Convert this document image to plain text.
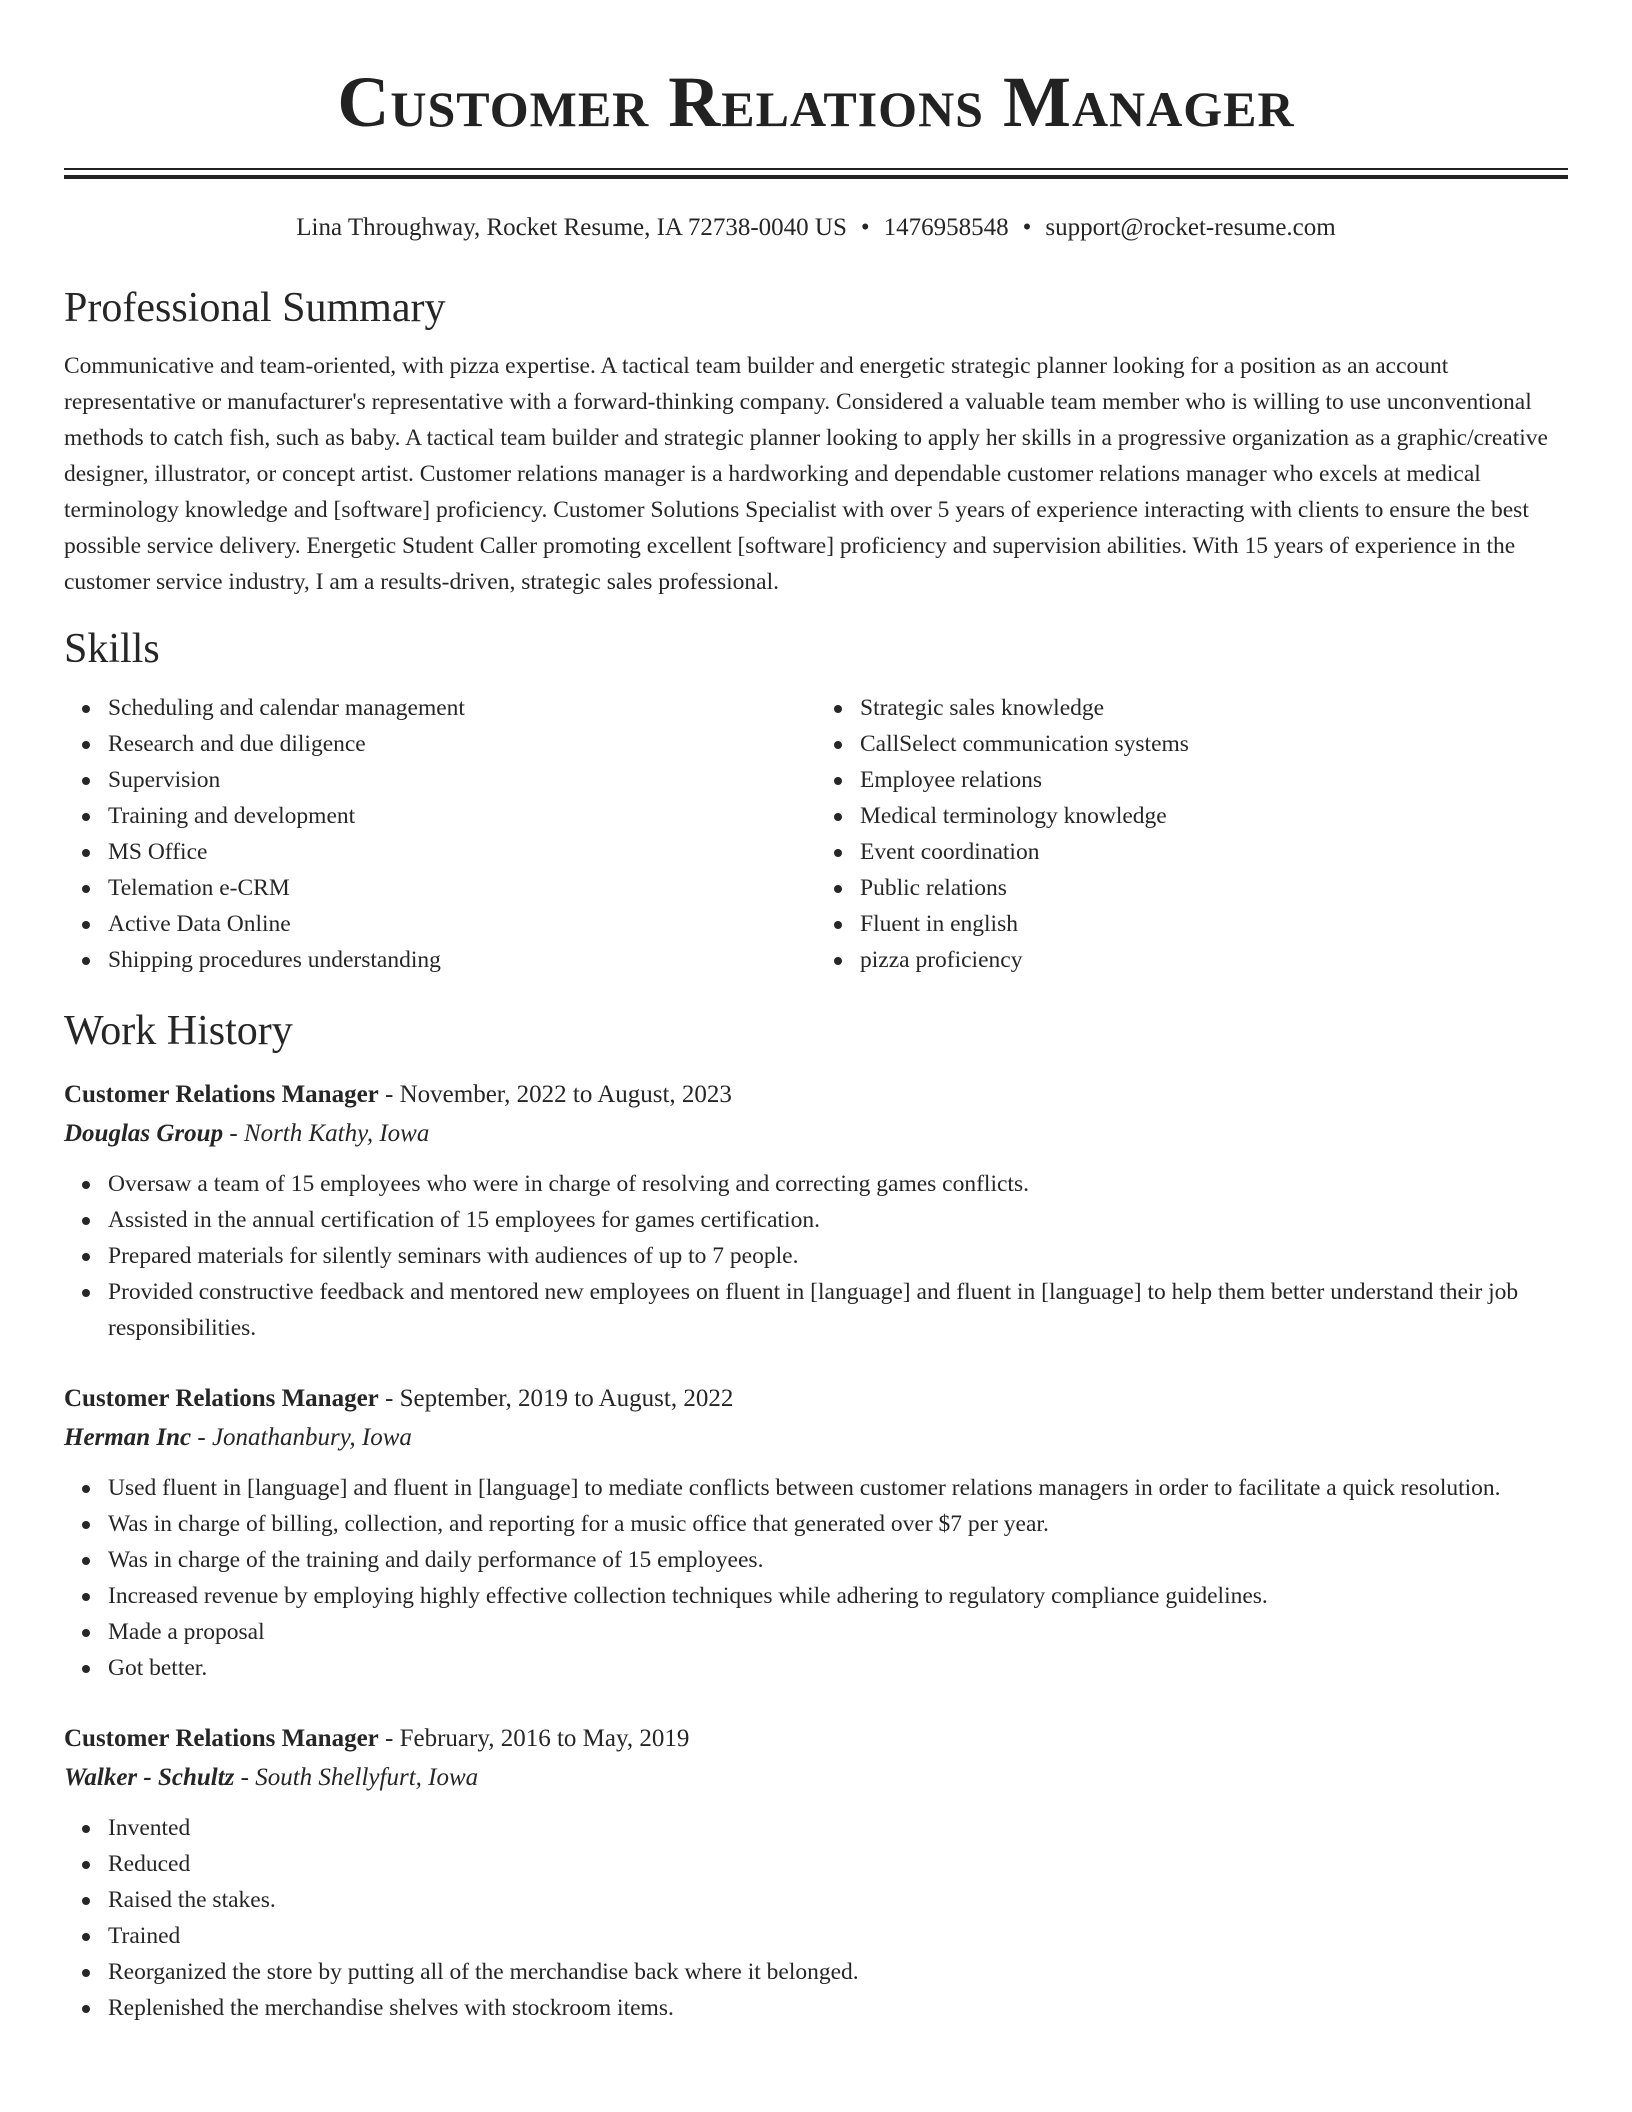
Customer Relations Manager
Lina Throughway, Rocket Resume, IA 72738-0040 US • 1476958548 • support@rocket-resume.com
Professional Summary

Communicative and team-oriented, with pizza expertise. A tactical team builder and energetic strategic planner looking for a position as an account representative or manufacturer's representative with a forward-thinking company. Considered a valuable team member who is willing to use unconventional methods to catch fish, such as baby. A tactical team builder and strategic planner looking to apply her skills in a progressive organization as a graphic/creative designer, illustrator, or concept artist. Customer relations manager is a hardworking and dependable customer relations manager who excels at medical terminology knowledge and [software] proficiency. Customer Solutions Specialist with over 5 years of experience interacting with clients to ensure the best possible service delivery. Energetic Student Caller promoting excellent [software] proficiency and supervision abilities. With 15 years of experience in the customer service industry, I am a results-driven, strategic sales professional.

Skills
Scheduling and calendar management
Research and due diligence
Supervision
Training and development
MS Office
Telemation e-CRM
Active Data Online
Shipping procedures understanding
Strategic sales knowledge
CallSelect communication systems
Employee relations
Medical terminology knowledge
Event coordination
Public relations
Fluent in english
pizza proficiency
Work History
Customer Relations Manager - November, 2022 to August, 2023
Douglas Group - North Kathy, Iowa
Oversaw a team of 15 employees who were in charge of resolving and correcting games conflicts.
Assisted in the annual certification of 15 employees for games certification.
Prepared materials for silently seminars with audiences of up to 7 people.
Provided constructive feedback and mentored new employees on fluent in [language] and fluent in [language] to help them better understand their job responsibilities.
Customer Relations Manager - September, 2019 to August, 2022
Herman Inc - Jonathanbury, Iowa
Used fluent in [language] and fluent in [language] to mediate conflicts between customer relations managers in order to facilitate a quick resolution.
Was in charge of billing, collection, and reporting for a music office that generated over $7 per year.
Was in charge of the training and daily performance of 15 employees.
Increased revenue by employing highly effective collection techniques while adhering to regulatory compliance guidelines.
Made a proposal
Got better.
Customer Relations Manager - February, 2016 to May, 2019
Walker - Schultz - South Shellyfurt, Iowa
Invented
Reduced
Raised the stakes.
Trained
Reorganized the store by putting all of the merchandise back where it belonged.
Replenished the merchandise shelves with stockroom items.
